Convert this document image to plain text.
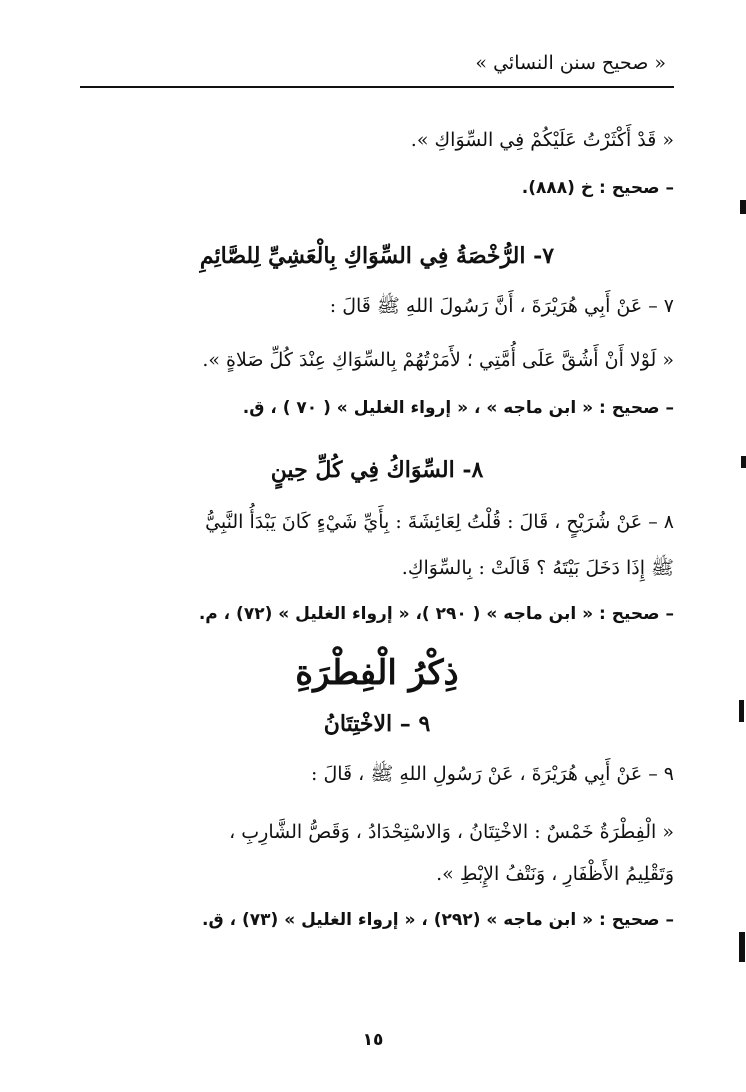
« صحيح سنن النسائي »
« قَدْ أَكْثَرْتُ عَلَيْكُمْ فِي السِّوَاكِ ».
– صحيح : خ (٨٨٨).
٧- الرُّخْصَةُ فِي السِّوَاكِ بِالْعَشِيِّ لِلصَّائِمِ
٧ – عَنْ أَبِي هُرَيْرَةَ ، أَنَّ رَسُولَ اللهِ ﷺ قَالَ :
« لَوْلا أَنْ أَشُقَّ عَلَى أُمَّتِي ؛ لأَمَرْتُهُمْ بِالسِّوَاكِ عِنْدَ كُلِّ صَلاةٍ ».
– صحيح : « ابن ماجه » ، « إرواء الغليل » ( ٧٠ ) ، ق.
٨- السِّوَاكُ فِي كُلِّ حِينٍ
٨ – عَنْ شُرَيْحٍ ، قَالَ : قُلْتُ لِعَائِشَةَ : بِأَيِّ شَيْءٍ كَانَ يَبْدَأُ النَّبِيُّ
ﷺ إِذَا دَخَلَ بَيْتَهُ ؟ قَالَتْ : بِالسِّوَاكِ.
– صحيح : « ابن ماجه » ( ٢٩٠ )، « إرواء الغليل » (٧٢) ، م.
ذِكْرُ الْفِطْرَةِ
٩ – الاخْتِتَانُ
٩ – عَنْ أَبِي هُرَيْرَةَ ، عَنْ رَسُولِ اللهِ ﷺ ، قَالَ :
« الْفِطْرَةُ خَمْسٌ : الاخْتِتَانُ ، وَالاسْتِحْدَادُ ، وَقَصُّ الشَّارِبِ ،
وَتَقْلِيمُ الأَظْفَارِ ، وَنَتْفُ الإِبْطِ ».
– صحيح : « ابن ماجه » (٢٩٢) ، « إرواء الغليل » (٧٣) ، ق.
١٥
